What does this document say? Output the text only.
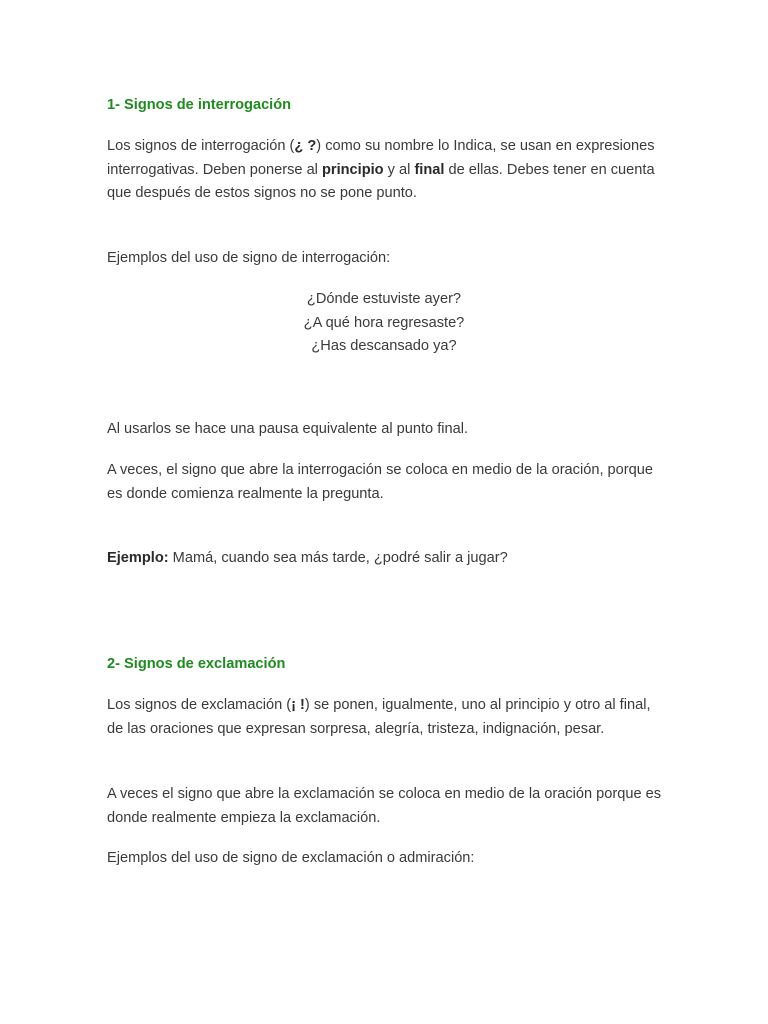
1- Signos de interrogación
Los signos de interrogación (¿ ?) como su nombre lo Indica, se usan en expresiones interrogativas. Deben ponerse al principio y al final de ellas. Debes tener en cuenta que después de estos signos no se pone punto.
Ejemplos del uso de signo de interrogación:
¿Dónde estuviste ayer?
¿A qué hora regresaste?
¿Has descansado ya?
Al usarlos se hace una pausa equivalente al punto final.
A veces, el signo que abre la interrogación se coloca en medio de la oración, porque es donde comienza realmente la pregunta.
Ejemplo: Mamá, cuando sea más tarde, ¿podré salir a jugar?
2- Signos de exclamación
Los signos de exclamación (¡ !) se ponen, igualmente, uno al principio y otro al final, de las oraciones que expresan sorpresa, alegría, tristeza, indignación, pesar.
A veces el signo que abre la exclamación se coloca en medio de la oración porque es donde realmente empieza la exclamación.
Ejemplos del uso de signo de exclamación o admiración:
